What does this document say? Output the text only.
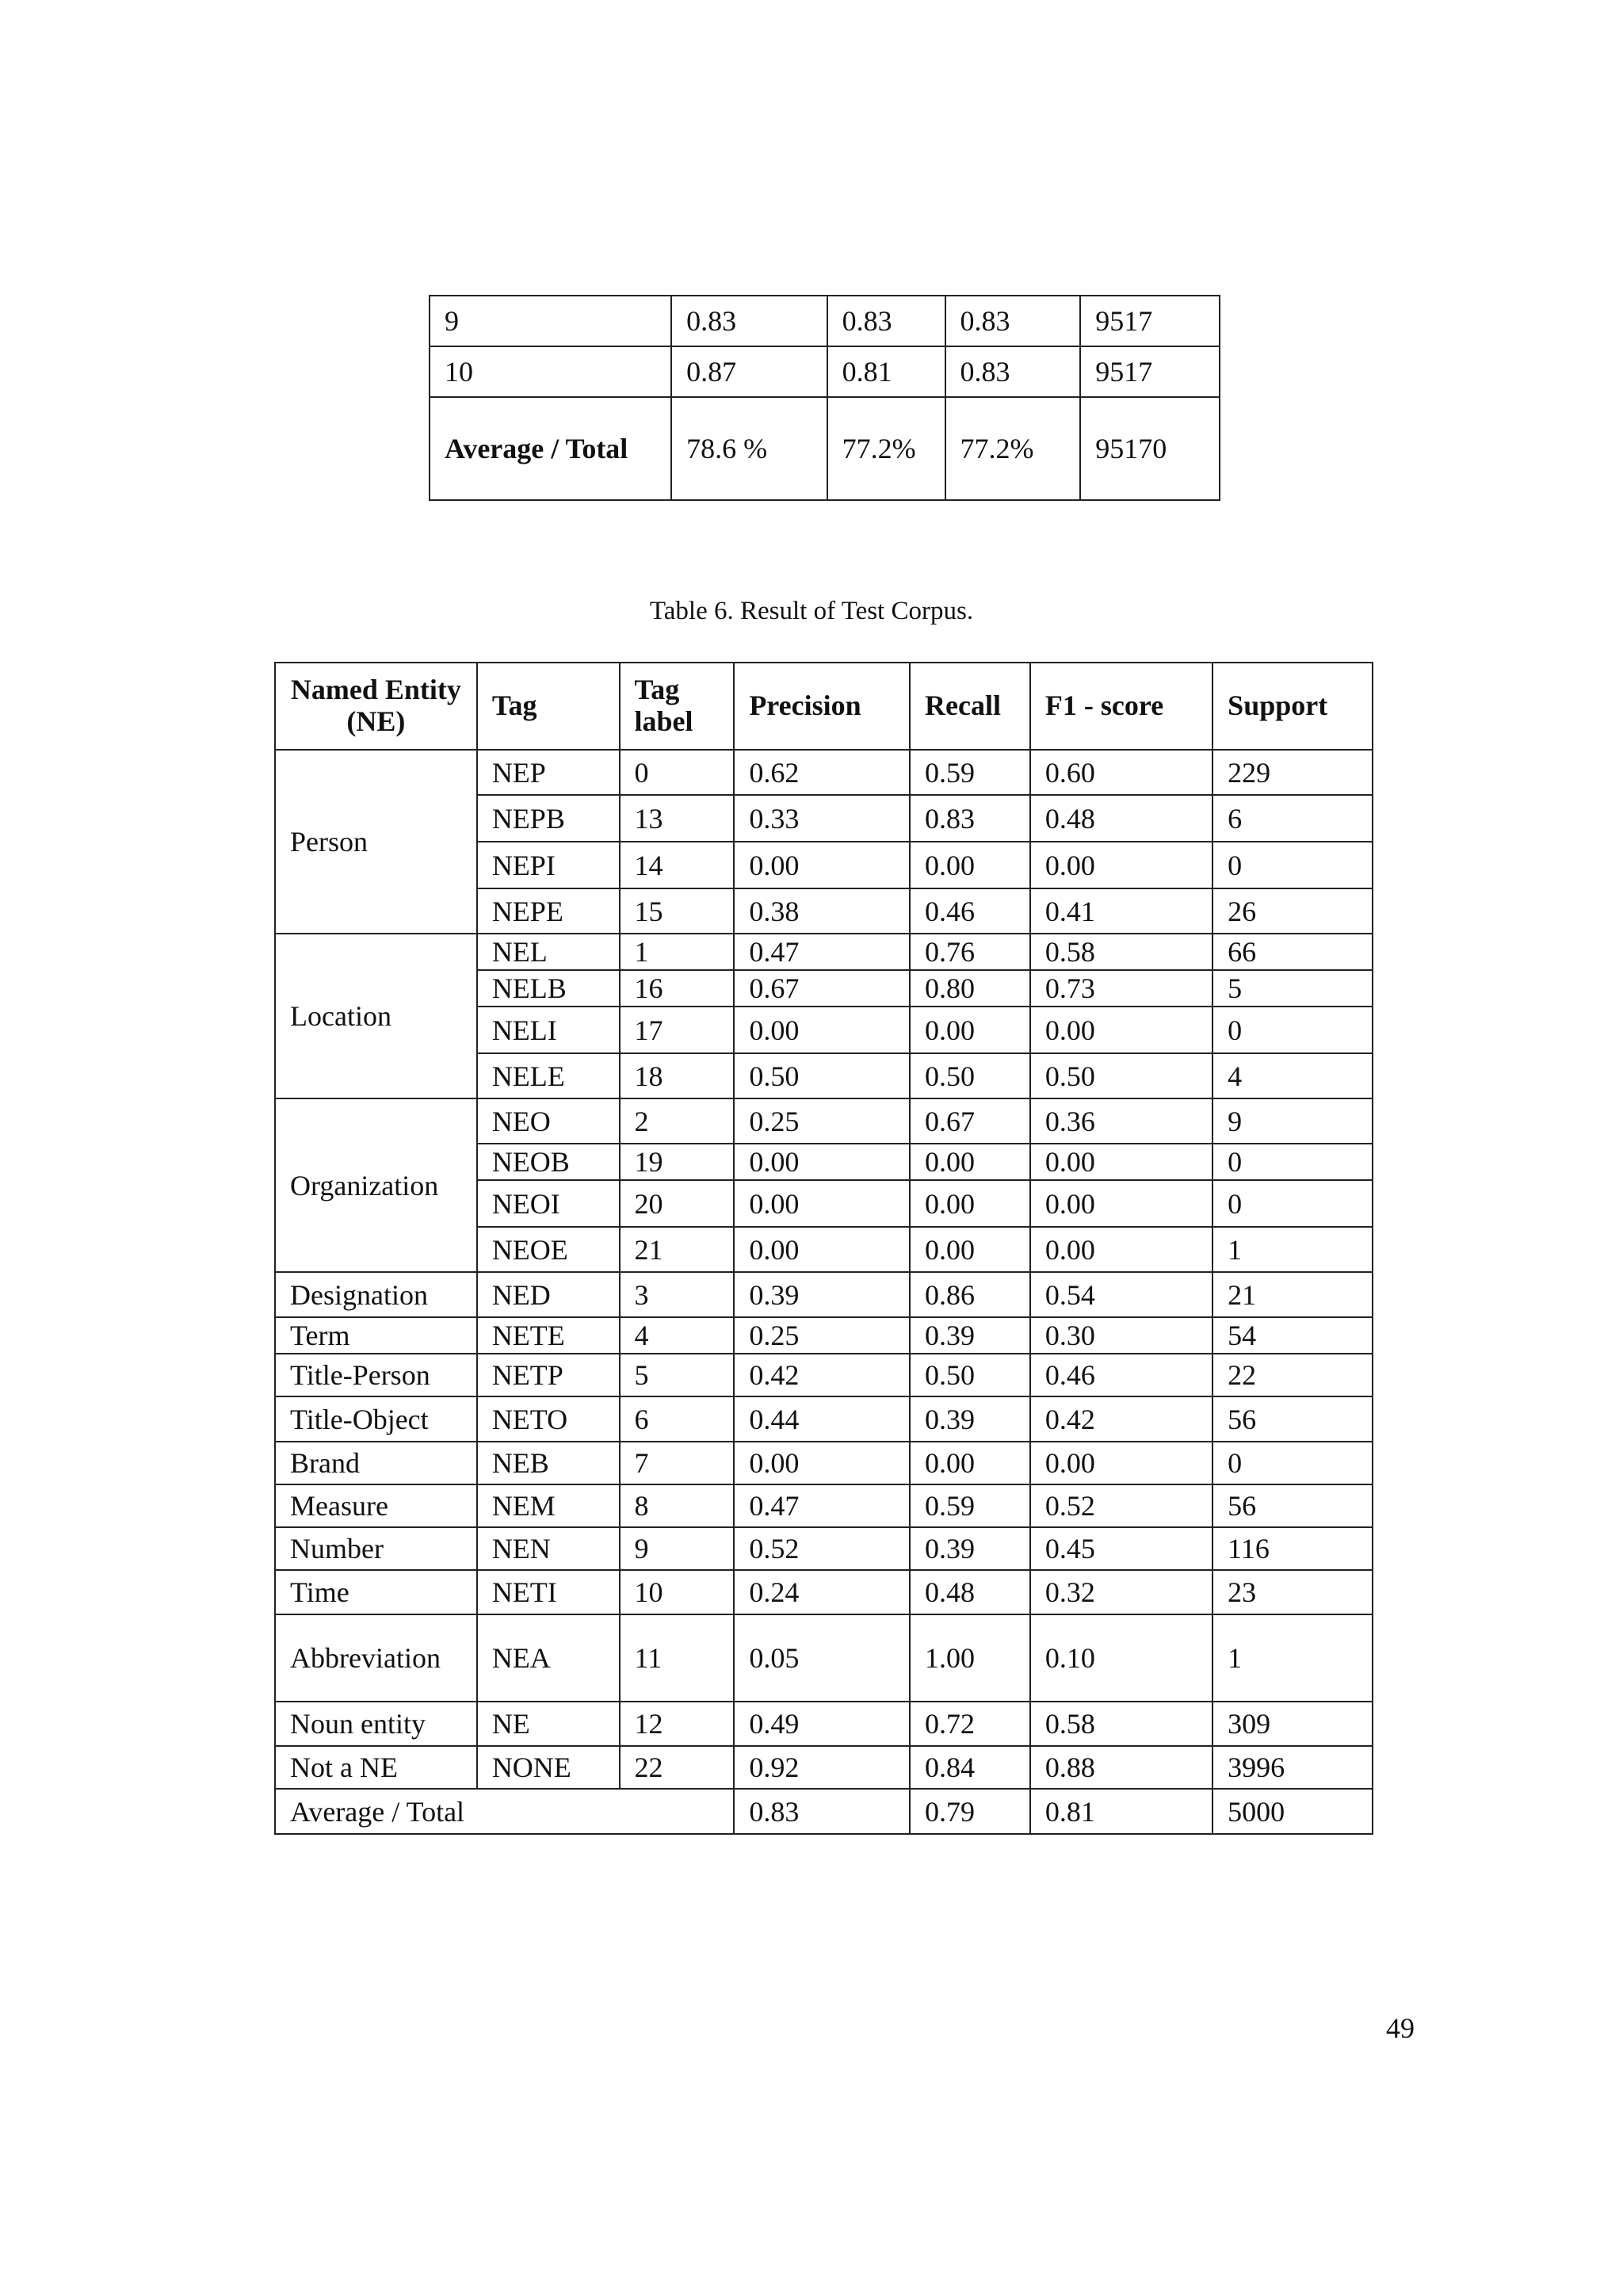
9	0.83	0.83	0.83	9517
10	0.87	0.81	0.83	9517
Average / Total	78.6 %	77.2%	77.2%	95170
Table 6. Result of Test Corpus.
Named Entity (NE)	Tag	Tag label	Precision	Recall	F1 - score	Support
Person	NEP	0	0.62	0.59	0.60	229
	NEPB	13	0.33	0.83	0.48	6
	NEPI	14	0.00	0.00	0.00	0
	NEPE	15	0.38	0.46	0.41	26
Location	NEL	1	0.47	0.76	0.58	66
	NELB	16	0.67	0.80	0.73	5
	NELI	17	0.00	0.00	0.00	0
	NELE	18	0.50	0.50	0.50	4
Organization	NEO	2	0.25	0.67	0.36	9
	NEOB	19	0.00	0.00	0.00	0
	NEOI	20	0.00	0.00	0.00	0
	NEOE	21	0.00	0.00	0.00	1
Designation	NED	3	0.39	0.86	0.54	21
Term	NETE	4	0.25	0.39	0.30	54
Title-Person	NETP	5	0.42	0.50	0.46	22
Title-Object	NETO	6	0.44	0.39	0.42	56
Brand	NEB	7	0.00	0.00	0.00	0
Measure	NEM	8	0.47	0.59	0.52	56
Number	NEN	9	0.52	0.39	0.45	116
Time	NETI	10	0.24	0.48	0.32	23
Abbreviation	NEA	11	0.05	1.00	0.10	1
Noun entity	NE	12	0.49	0.72	0.58	309
Not a NE	NONE	22	0.92	0.84	0.88	3996
Average / Total			0.83	0.79	0.81	5000
49
